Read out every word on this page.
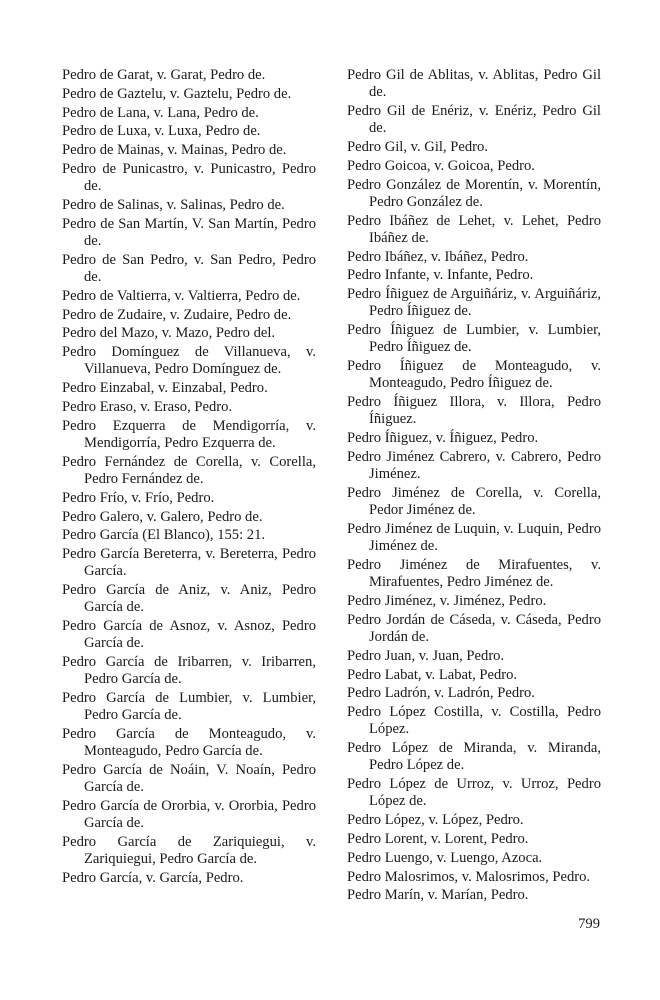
Pedro de Garat, v. Garat, Pedro de.

Pedro de Gaztelu, v. Gaztelu, Pedro de.

Pedro de Lana, v. Lana, Pedro de.

Pedro de Luxa, v. Luxa, Pedro de.

Pedro de Mainas, v. Mainas, Pedro de.

Pedro de Punicastro, v. Punicastro, Pedro de.

Pedro de Salinas, v. Salinas, Pedro de.

Pedro de San Martín, V. San Martín, Pedro de.

Pedro de San Pedro, v. San Pedro, Pedro de.

Pedro de Valtierra, v. Valtierra, Pedro de.

Pedro de Zudaire, v. Zudaire, Pedro de.

Pedro del Mazo, v. Mazo, Pedro del.

Pedro Domínguez de Villanueva, v. Villanueva, Pedro Domínguez de.

Pedro Einzabal, v. Einzabal, Pedro.

Pedro Eraso, v. Eraso, Pedro.

Pedro Ezquerra de Mendigorría, v. Mendigorría, Pedro Ezquerra de.

Pedro Fernández de Corella, v. Corella, Pedro Fernández de.

Pedro Frío, v. Frío, Pedro.

Pedro Galero, v. Galero, Pedro de.

Pedro García (El Blanco), 155: 21.

Pedro García Bereterra, v. Bereterra, Pedro García.

Pedro García de Aniz, v. Aniz, Pedro García de.

Pedro García de Asnoz, v. Asnoz, Pedro García de.

Pedro García de Iribarren, v. Iribarren, Pedro García de.

Pedro García de Lumbier, v. Lumbier, Pedro García de.

Pedro García de Monteagudo, v. Monteagudo, Pedro García de.

Pedro García de Noáin, V. Noaín, Pedro García de.

Pedro García de Ororbia, v. Ororbia, Pedro García de.

Pedro García de Zariquiegui, v. Zariquiegui, Pedro García de.

Pedro García, v. García, Pedro.

Pedro Gil de Ablitas, v. Ablitas, Pedro Gil de.

Pedro Gil de Enériz, v. Enériz, Pedro Gil de.

Pedro Gil, v. Gil, Pedro.

Pedro Goicoa, v. Goicoa, Pedro.

Pedro González de Morentín, v. Morentín, Pedro González de.

Pedro Ibáñez de Lehet, v. Lehet, Pedro Ibáñez de.

Pedro Ibáñez, v. Ibáñez, Pedro.

Pedro Infante, v. Infante, Pedro.

Pedro Íñiguez de Arguiñáriz, v. Arguiñáriz, Pedro Íñiguez de.

Pedro Íñiguez de Lumbier, v. Lumbier, Pedro Íñiguez de.

Pedro Íñiguez de Monteagudo, v. Monteagudo, Pedro Íñiguez de.

Pedro Íñiguez Illora, v. Illora, Pedro Íñiguez.

Pedro Íñiguez, v. Íñiguez, Pedro.

Pedro Jiménez Cabrero, v. Cabrero, Pedro Jiménez.

Pedro Jiménez de Corella, v. Corella, Pedor Jiménez de.

Pedro Jiménez de Luquin, v. Luquin, Pedro Jiménez de.

Pedro Jiménez de Mirafuentes, v. Mirafuentes, Pedro Jiménez de.

Pedro Jiménez, v. Jiménez, Pedro.

Pedro Jordán de Cáseda, v. Cáseda, Pedro Jordán de.

Pedro Juan, v. Juan, Pedro.

Pedro Labat, v. Labat, Pedro.

Pedro Ladrón, v. Ladrón, Pedro.

Pedro López Costilla, v. Costilla, Pedro López.

Pedro López de Miranda, v. Miranda, Pedro López de.

Pedro López de Urroz, v. Urroz, Pedro López de.

Pedro López, v. López, Pedro.

Pedro Lorent, v. Lorent, Pedro.

Pedro Luengo, v. Luengo, Azoca.

Pedro Malosrimos, v. Malosrimos, Pedro.

Pedro Marín, v. Marían, Pedro.

799
